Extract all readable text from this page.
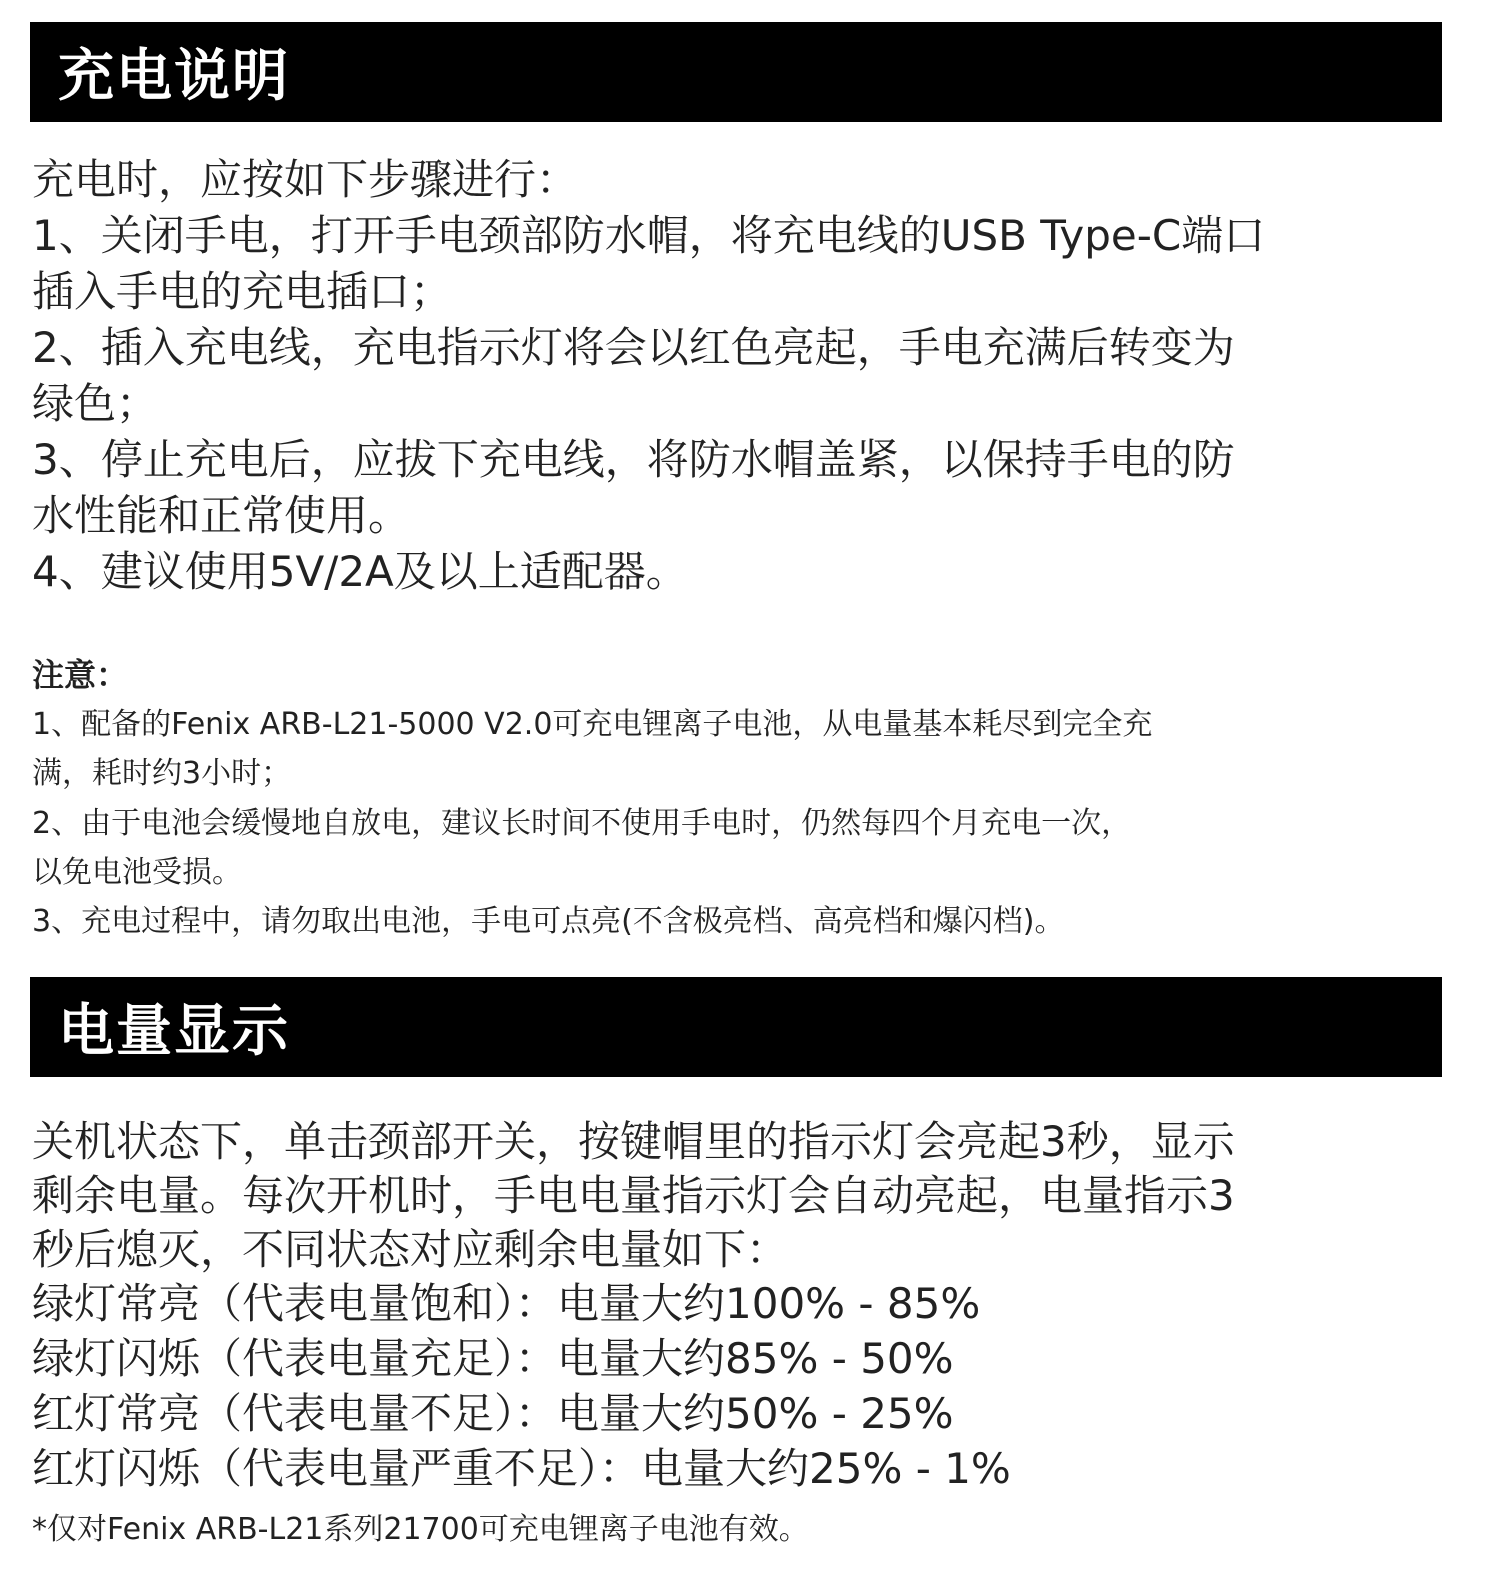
充电说明

充电时，应按如下步骤进行：

1、关闭手电，打开手电颈部防水帽，将充电线的USB Type-C端口

插入手电的充电插口；

2、插入充电线，充电指示灯将会以红色亮起，手电充满后转变为

绿色；

3、停止充电后，应拔下充电线，将防水帽盖紧，以保持手电的防

水性能和正常使用。

4、建议使用5V/2A及以上适配器。

注意：

1、配备的Fenix ARB-L21-5000 V2.0可充电锂离子电池，从电量基本耗尽到完全充

满，耗时约3小时；

2、由于电池会缓慢地自放电，建议长时间不使用手电时，仍然每四个月充电一次，

以免电池受损。

3、充电过程中，请勿取出电池，手电可点亮(不含极亮档、高亮档和爆闪档)。

电量显示

关机状态下，单击颈部开关，按键帽里的指示灯会亮起3秒，显示

剩余电量。每次开机时，手电电量指示灯会自动亮起，电量指示3

秒后熄灭，不同状态对应剩余电量如下：

绿灯常亮（代表电量饱和）：电量大约100% - 85%

绿灯闪烁（代表电量充足）：电量大约85% - 50%

红灯常亮（代表电量不足）：电量大约50% - 25%

红灯闪烁（代表电量严重不足）：电量大约25% - 1%

*仅对Fenix ARB-L21系列21700可充电锂离子电池有效。
